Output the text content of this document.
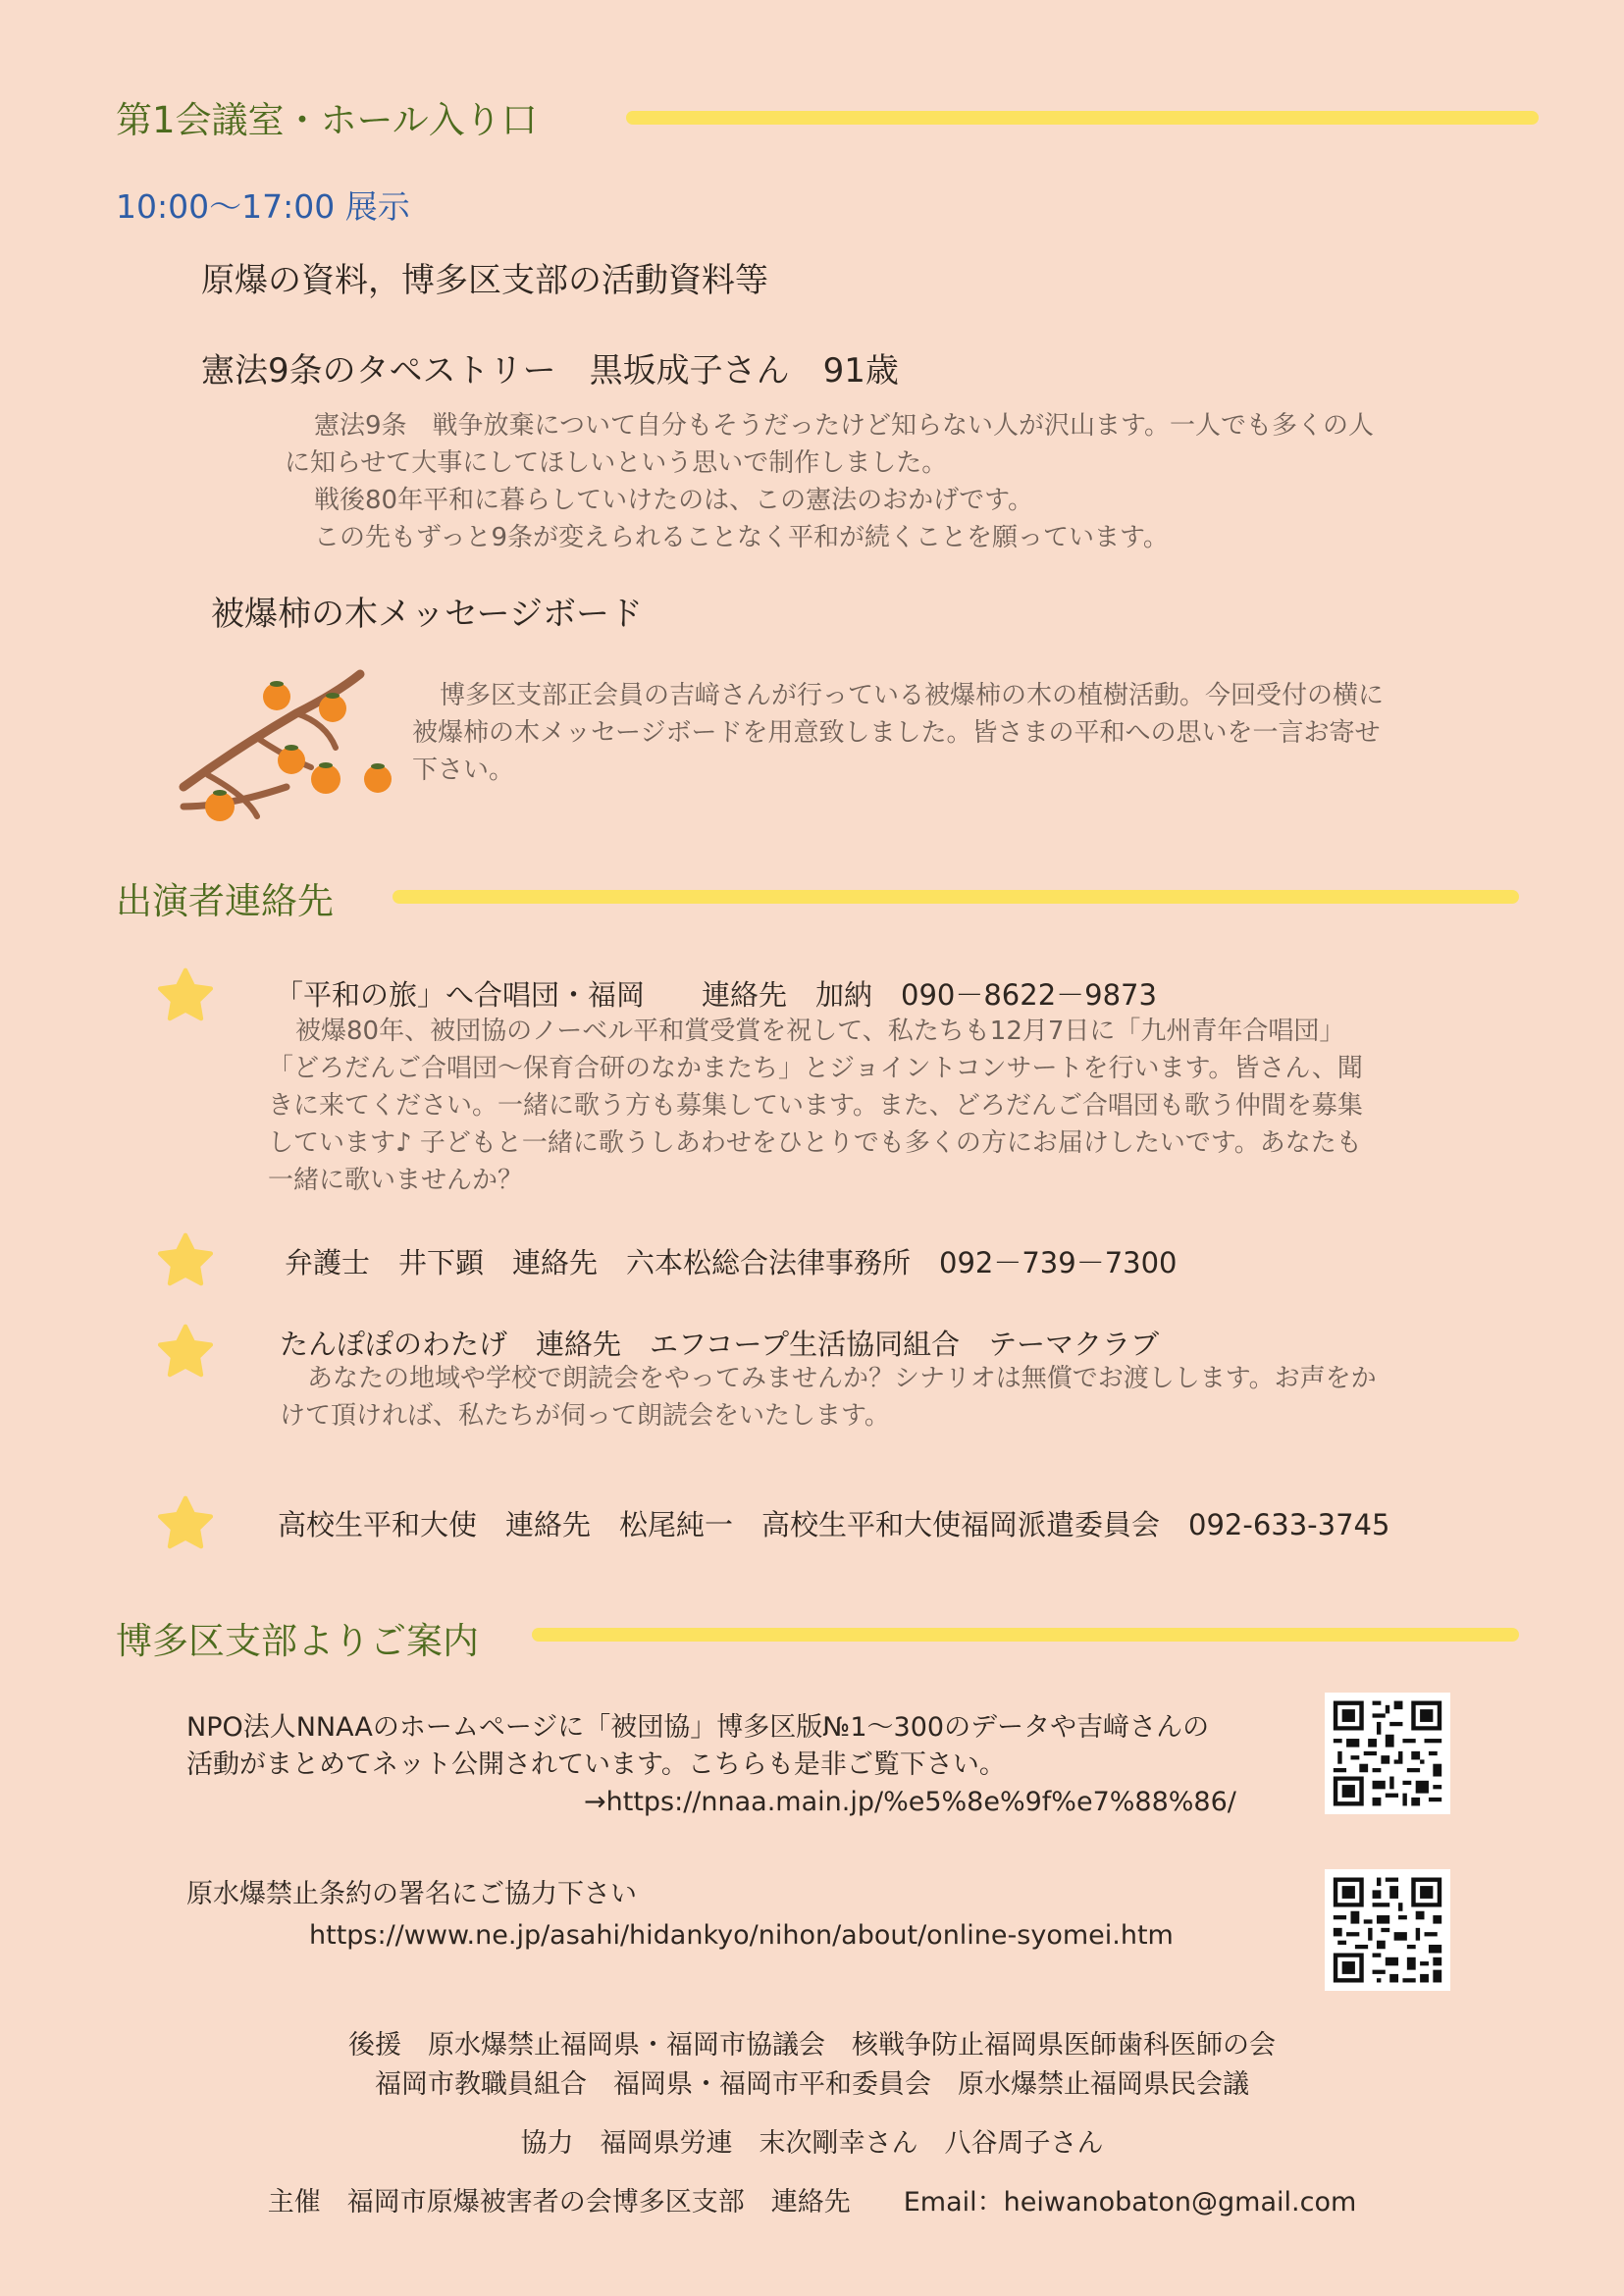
第1会議室・ホール入り口
10:00～17:00 展示
原爆の資料，博多区支部の活動資料等
憲法9条のタペストリー　黒坂成子さん　91歳

憲法9条　戦争放棄について自分もそうだったけど知らない人が沢山ます。一人でも多くの人

に知らせて大事にしてほしいという思いで制作しました。

戦後80年平和に暮らしていけたのは、この憲法のおかげです。

この先もずっと9条が変えられることなく平和が続くことを願っています。

被爆柿の木メッセージボード

博多区支部正会員の吉﨑さんが行っている被爆柿の木の植樹活動。今回受付の横に

被爆柿の木メッセージボードを用意致しました。皆さまの平和への思いを一言お寄せ

下さい。

出演者連絡先
「平和の旅」へ合唱団・福岡　　連絡先　加納　090－8622－9873

被爆80年、被団協のノーベル平和賞受賞を祝して、私たちも12月7日に「九州青年合唱団」

「どろだんご合唱団～保育合研のなかまたち」とジョイントコンサートを行います。皆さん、聞

きに来てください。一緒に歌う方も募集しています。また、どろだんご合唱団も歌う仲間を募集

しています♪ 子どもと一緒に歌うしあわせをひとりでも多くの方にお届けしたいです。あなたも

一緒に歌いませんか？

弁護士　井下顕　連絡先　六本松総合法律事務所　092－739－7300
たんぽぽのわたげ　連絡先　エフコープ生活協同組合　テーマクラブ

あなたの地域や学校で朗読会をやってみませんか？シナリオは無償でお渡しします。お声をか

けて頂ければ、私たちが伺って朗読会をいたします。

高校生平和大使　連絡先　松尾純一　高校生平和大使福岡派遣委員会　092-633-3745
博多区支部よりご案内
NPO法人NNAAのホームページに「被団協」博多区版№1～300のデータや吉﨑さんの
活動がまとめてネット公開されています。こちらも是非ご覧下さい。
→https://nnaa.main.jp/%e5%8e%9f%e7%88%86/
原水爆禁止条約の署名にご協力下さい
https://www.ne.jp/asahi/hidankyo/nihon/about/online-syomei.htm
後援　原水爆禁止福岡県・福岡市協議会　核戦争防止福岡県医師歯科医師の会
福岡市教職員組合　福岡県・福岡市平和委員会　原水爆禁止福岡県民会議
協力　福岡県労連　末次剛幸さん　八谷周子さん
主催　福岡市原爆被害者の会博多区支部　連絡先　　Email：heiwanobaton@gmail.com
